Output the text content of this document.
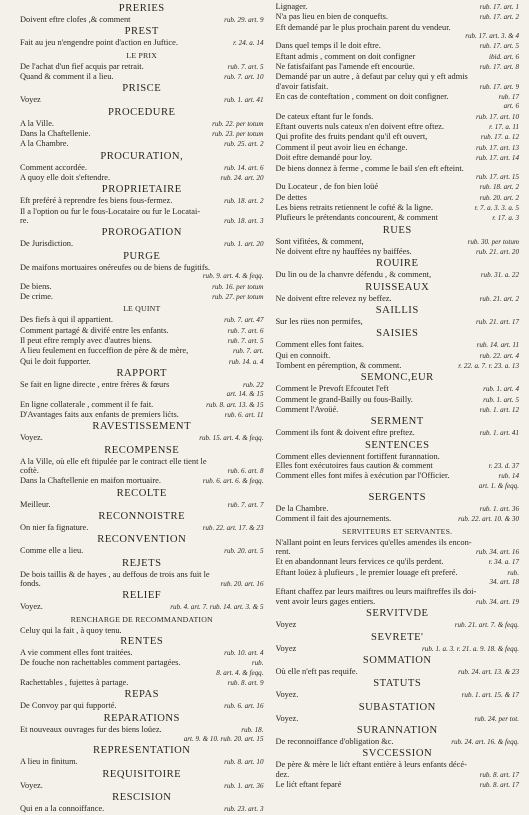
PRERIES
Doivent eftre clofes ,& comment	rub. 29. art. 9
PREST
Fait au jeu n'engendre point d'action en Juftice.	r. 24. a. 14
LE PRIX
De l'achat d'un fief acquis par retrait.	rub. 7. art. 5
Quand & comment il a lieu.	rub. 7. art. 10
PRISCE
Voyez	rub. 1. art. 41
PROCEDURE
A la Ville.	rub. 22. per totum
Dans la Chaftellenie.	rub. 23. per totum
A la Chambre.	rub. 25. art. 2
PROCURATION,
Comment accordée.	rub. 14. art. 6
A quoy elle doit s'eftendre.	rub. 24. art. 20
PROPRIETAIRE
Eft preféré à reprendre fes biens fous-fermez.	rub. 18. art. 2
Il a l'option ou fur le fous-Locataire ou fur le Locatai-
re.	rub. 18. art. 3
PROROGATION
De Jurisdiction.	rub. 1. art. 20
PURGE
De maifons mortuaires onéreufes ou de biens de fugitifs.
rub. 9. art. 4. & feqq.
De biens.	rub. 16. per totum
De crime.	rub. 27. per totum
LE QUINT
Des fiefs à qui il appartient.	rub. 7. art. 47
Comment partagé & divifé entre les enfants.	rub. 7. art. 6
Il peut eftre remply avec d'autres biens.	rub. 7. art. 5
A lieu feulement en fucceffion de père & de mère,	rub. 7. art.
Qui le doit fupporter.	rub. 14. a. 4
RAPPORT
Se fait en ligne directe , entre frères & fœurs	rub. 22
art. 14. & 15
En ligne collaterale , comment il fe fait.	rub. 8. art. 13. & 15
D'Avantages faits aux enfants de premiers lićts.	rub. 6. art. 11
RAVESTISSEMENT
Voyez.	rub. 15. art. 4. & feqq.
RECOMPENSE
A la Ville, où elle eft ftipulée par le contract elle tient le
coftè.	rub. 6. art. 8
Dans la Chaftellenie en maifon mortuaire.	rub. 6. art. 6. & feqq.
RECOLTE
Meilleur.	rub. 7. art. 7
RECONNOISTRE
On nier fa fignature.	rub. 22. art. 17. & 23
RECONVENTION
Comme elle a lieu.	rub. 20. art. 5
REJETS
De bois taillis & de hayes , au deffous de trois ans fuit le
fonds.	rub. 20. art. 16
RELIEF
Voyez.	rub. 4. art. 7. rub. 14. art. 3. & 5
RENCHARGE DE RECOMMANDATION
Celuy qui la fait , à quoy tenu.
RENTES
A vie comment elles font traitées.	rub. 10. art. 4
De fouche non rachettables comment partagées.	rub.
8. art. 4. & feqq.
Rachettables , fujettes à partage.	rub. 8. art. 9
REPAS
De Convoy par qui fupporté.	rub. 6. art. 16
REPARATIONS
Et nouveaux ouvrages fur des biens loüez.	rub. 18.
art. 9. & 10. rub. 20. art. 15
REPRESENTATION
A lieu in finitum.	rub. 8. art. 10
REQUISITOIRE
Voyez.	rub. 1. art. 36
RESCISION
Qui en a la connoiffance.	rub. 23. art. 3
Lignager.	rub. 17. art. 1
N'a pas lieu en bien de conquefts.	rub. 17. art. 2
Eft demandé par le plus prochain parent du vendeur.
rub. 17. art. 3. & 4
Dans quel temps il le doit eftre.	rub. 17. art. 5
Eftant admis , comment on doit configner	ibid. art. 6
Ne fatisfaifant pas l'amende eft encourüe.	rub. 17. art. 8
Demandé par un autre , à defaut par celuy qui y eft admis
d'avoir fatisfait.	rub. 17. art. 9
En cas de conteftation , comment on doit configner.	rub. 17
art. 6
De cateux eftant fur le fonds.	rub. 17. art. 10
Eftant ouverts nuls cateux n'en doivent eftre oftez.	r. 17. a. 11
Qui profite des fruits pendant qu'il eft ouvert,	rub. 17. a. 12
Comment il peut avoir lieu en échange.	rub. 17. art. 13
Doit eftre demandé pour loy.	rub. 17. art. 14
De biens donnez à ferme , comme le bail s'en eft efteint.
rub. 17. art. 15
Du Locateur , de fon bien loüé	rub. 18. art. 2
De dettes	rub. 20. art. 2
Les biens retraits retiennent le cofté & la ligne.	r. 7. a. 3. 3. a. 5
Plufieurs le prétendants concourent, & comment	r. 17. a. 3
RUES
Sont vifitées, & comment,	rub. 30. per totum
Ne doivent eftre ny hauffées ny baiffées.	rub. 21. art. 20
ROUIRE
Du lin ou de la chanvre défendu , & comment,	rub. 31. a. 22
RUISSEAUX
Ne doivent eftre relevez ny beffez.	rub. 21. art. 2
SAILLIS
Sur les rües non permifes,	rub. 21. art. 17
SAISIES
Comment elles font faites.	rub. 14. art. 11
Qui en connoift.	rub. 22. art. 4
Tombent en péremption, & comment.	r. 22. a. 7. r. 23. a. 13
SEMONC,EUR
Comment le Prevoft Efcoutet l'eft	rub. 1. art. 4
Comment le grand-Bailly ou fous-Bailly.	rub. 1. art. 5
Comment l'Avoüé.	rub. 1. art. 12
SERMENT
Comment ils font & doivent eftre preftez.	rub. 1. art. 41
SENTENCES
Comment elles deviennent fortiffent furannation.
Elles font exécutoires faus caution & comment	r. 23. d. 37
Comment elles font mifes à exécution par l'Officier.	rub. 14
art. 1. & feqq.
SERGENTS
De la Chambre.	rub. 1. art. 36
Comment il fait des ajournements.	rub. 22. art. 10. & 30
SERVITEURS ET SERVANTES.
N'allant point en leurs fervices qu'elles amendes ils encon-
rent.	rub. 34. art. 16
Et en abandonnant leurs fervices ce qu'ils perdent.	r. 34. a. 17
Eftant loüez à plufieurs , le premier louage eft preferé.	rub.
34. art. 18
Eftant chaffez par leurs maiftres ou leurs maiftreffes ils doi-
vent avoir leurs gages entiers.	rub. 34. art. 19
SERVITVDE
Voyez	rub. 21. art. 7. & feqq.
SEVRETE'
Voyez	rub. 1. a. 3. r. 21. a. 9. 18. & feqq.
SOMMATION
Où elle n'eft pas requife.	rub. 24. art. 13. & 23
STATUTS
Voyez.	rub. 1. art. 15. & 17
SUBASTATION
Voyez.	rub. 24. per tot.
SURANNATION
De reconnoiffance d'obligation &c.	rub. 24. art. 16. & feqq.
SVCCESSION
De père & mère le lićt eftant entière à leurs enfants décé-
dez.	rub. 8. art. 17
Le lićt eftant feparé	rub. 8. art. 17
